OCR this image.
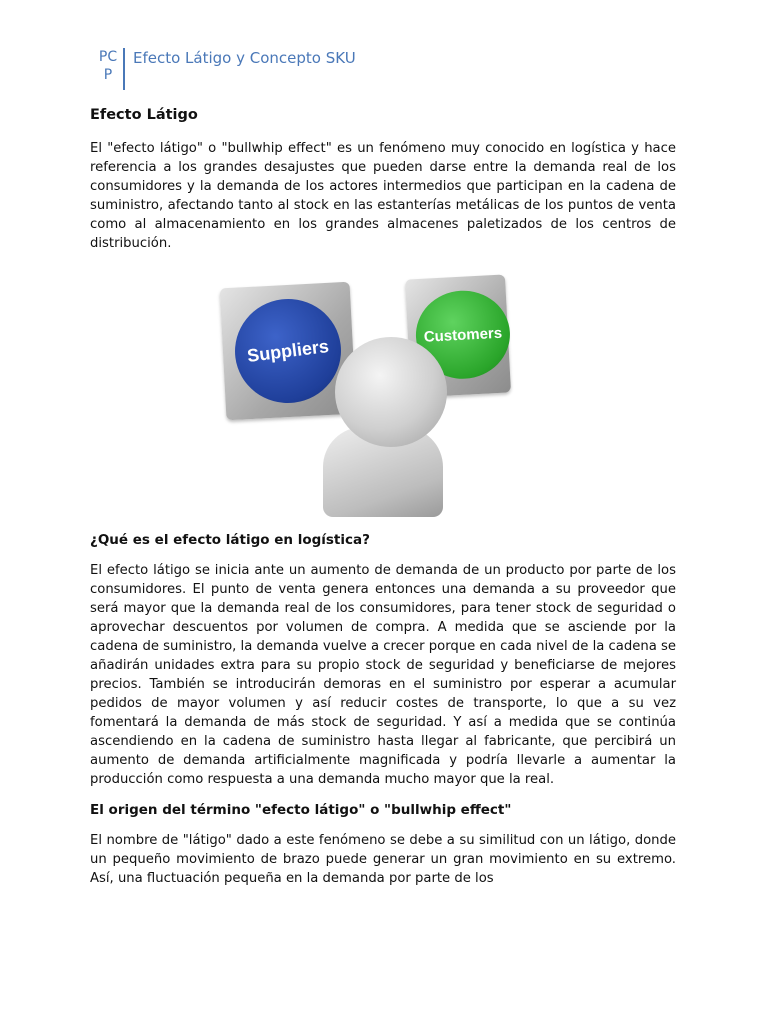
PC
P
Efecto Látigo y Concepto SKU
Efecto Látigo

El "efecto látigo" o "bullwhip effect" es un fenómeno muy conocido en logística y hace referencia a los grandes desajustes que pueden darse entre la demanda real de los consumidores y la demanda de los actores intermedios que participan en la cadena de suministro, afectando tanto al stock en las estanterías metálicas de los puntos de venta como al almacenamiento en los grandes almacenes paletizados de los centros de distribución.

Suppliers
Customers
¿Qué es el efecto látigo en logística?

El efecto látigo se inicia ante un aumento de demanda de un producto por parte de los consumidores. El punto de venta genera entonces una demanda a su proveedor que será mayor que la demanda real de los consumidores, para tener stock de seguridad o aprovechar descuentos por volumen de compra. A medida que se asciende por la cadena de suministro, la demanda vuelve a crecer porque en cada nivel de la cadena se añadirán unidades extra para su propio stock de seguridad y beneficiarse de mejores precios. También se introducirán demoras en el suministro por esperar a acumular pedidos de mayor volumen y así reducir costes de transporte, lo que a su vez fomentará la demanda de más stock de seguridad. Y así a medida que se continúa ascendiendo en la cadena de suministro hasta llegar al fabricante, que percibirá un aumento de demanda artificialmente magnificada y podría llevarle a aumentar la producción como respuesta a una demanda mucho mayor que la real.

El origen del término "efecto látigo" o "bullwhip effect"

El nombre de "látigo" dado a este fenómeno se debe a su similitud con un látigo, donde un pequeño movimiento de brazo puede generar un gran movimiento en su extremo. Así, una fluctuación pequeña en la demanda por parte de los
